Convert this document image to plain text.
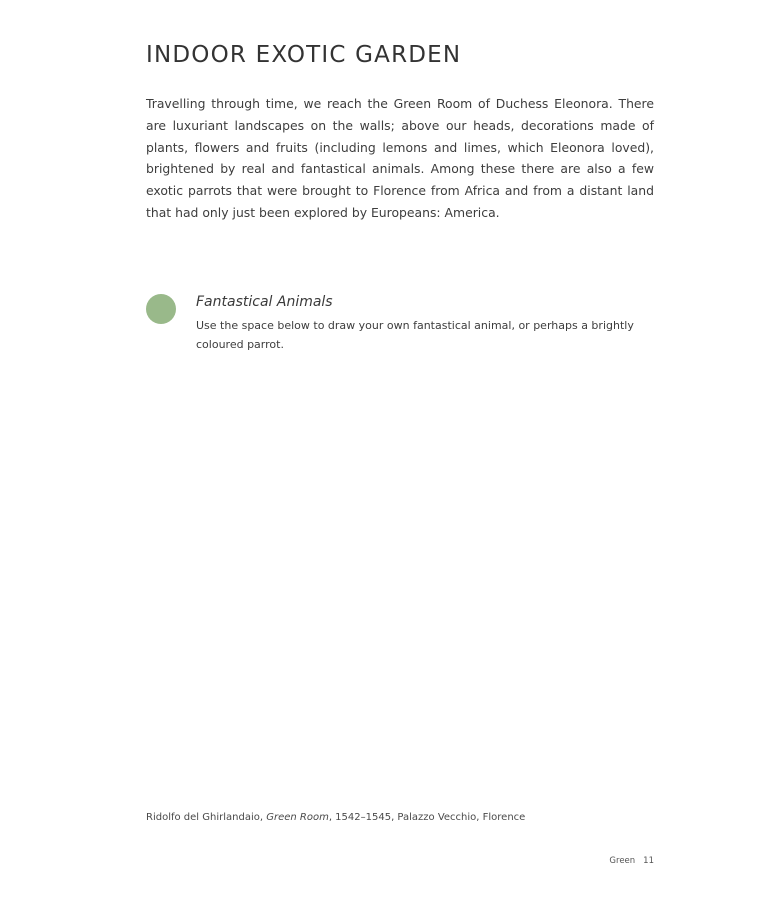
INDOOR EXOTIC GARDEN

Travelling through time, we reach the Green Room of Duchess Eleonora. There are luxuriant landscapes on the walls; above our heads, decorations made of plants, flowers and fruits (including lemons and limes, which Eleonora loved), brightened by real and fantastical animals. Among these there are also a few exotic parrots that were brought to Florence from Africa and from a distant land that had only just been explored by Europeans: America.

Fantastical Animals

Use the space below to draw your own fantastical animal, or perhaps a brightly coloured parrot.

Ridolfo del Ghirlandaio, Green Room, 1542–1545, Palazzo Vecchio, Florence
Green 11
